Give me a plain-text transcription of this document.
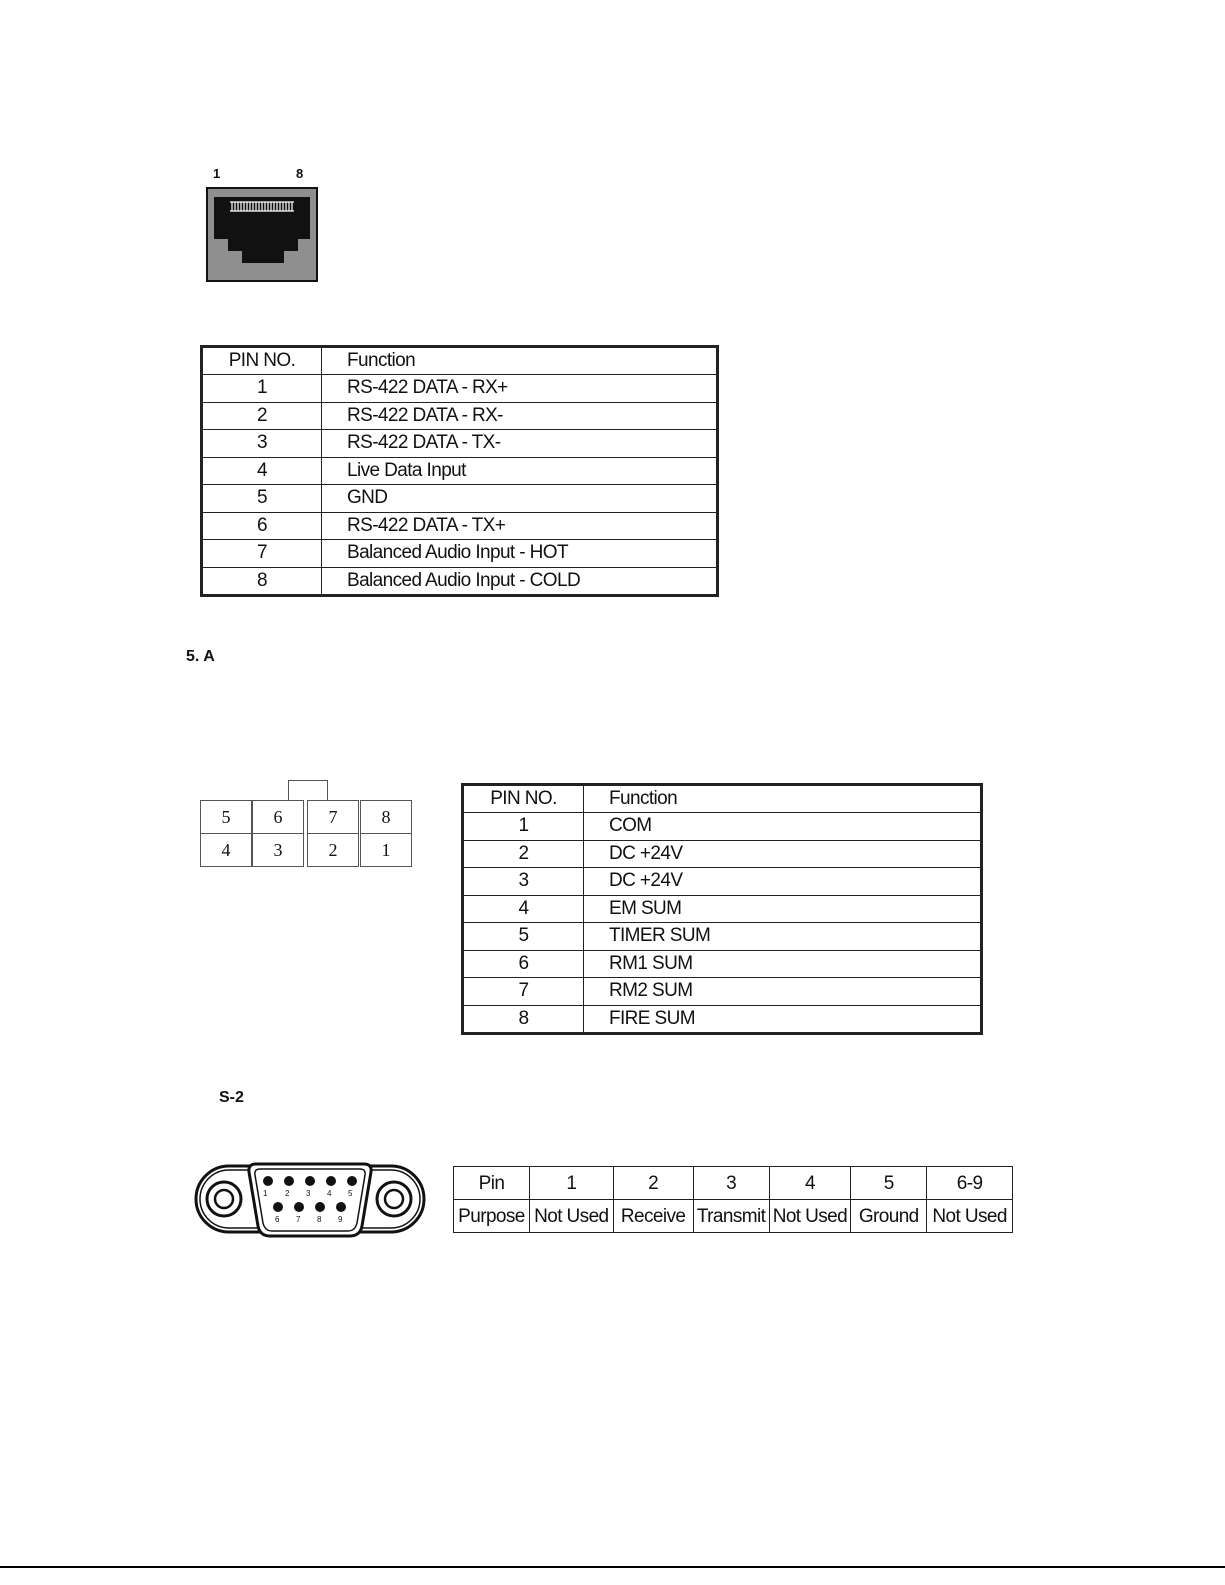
1	8
PIN NO.	Function
1	RS-422 DATA - RX+
2	RS-422 DATA - RX-
3	RS-422 DATA - TX-
4	Live Data Input
5	GND
6	RS-422 DATA - TX+
7	Balanced Audio Input - HOT
8	Balanced Audio Input - COLD
5. A
5	6	7	8
4	3	2	1
PIN NO.	Function
1	COM
2	DC +24V
3	DC +24V
4	EM SUM
5	TIMER SUM
6	RM1 SUM
7	RM2 SUM
8	FIRE SUM
S-2
1 2 3 4 5
6 7 8 9
Pin	1	2	3	4	5	6-9
Purpose	Not Used	Receive	Transmit	Not Used	Ground	Not Used
